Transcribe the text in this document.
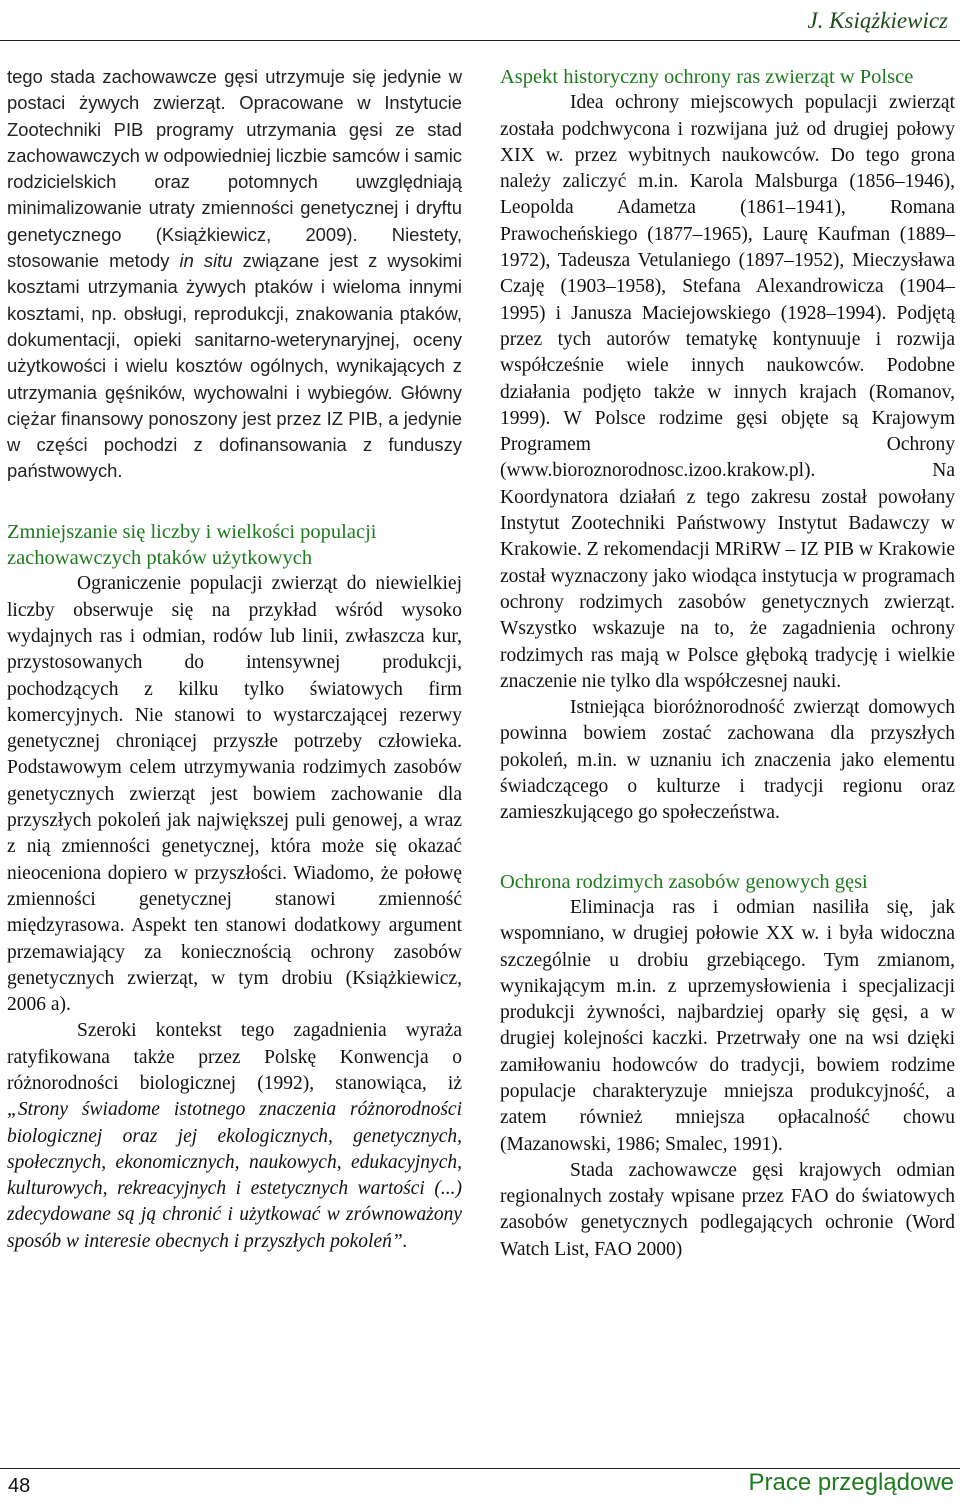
J. Książkiewicz

tego stada zachowawcze gęsi utrzymuje się jedynie w postaci żywych zwierząt. Opracowane w Instytucie Zootechniki PIB programy utrzymania gęsi ze stad zachowawczych w odpowiedniej liczbie samców i samic rodzicielskich oraz potomnych uwzględniają minimalizowanie utraty zmienności genetycznej i dryftu genetycznego (Książkiewicz, 2009). Niestety, stosowanie metody in situ związane jest z wysokimi kosztami utrzymania żywych ptaków i wieloma innymi kosztami, np. obsługi, reprodukcji, znakowania ptaków, dokumentacji, opieki sanitarno-weterynaryjnej, oceny użytkowości i wielu kosztów ogólnych, wynikających z utrzymania gęśników, wychowalni i wybiegów. Główny ciężar finansowy ponoszony jest przez IZ PIB, a jedynie w części pochodzi z dofinansowania z funduszy państwowych.

Zmniejszanie się liczby i wielkości populacji zachowawczych ptaków użytkowych

Ograniczenie populacji zwierząt do niewielkiej liczby obserwuje się na przykład wśród wysoko wydajnych ras i odmian, rodów lub linii, zwłaszcza kur, przystosowanych do intensywnej produkcji, pochodzących z kilku tylko światowych firm komercyjnych. Nie stanowi to wystarczającej rezerwy genetycznej chroniącej przyszłe potrzeby człowieka. Podstawowym celem utrzymywania rodzimych zasobów genetycznych zwierząt jest bowiem zachowanie dla przyszłych pokoleń jak największej puli genowej, a wraz z nią zmienności genetycznej, która może się okazać nieoceniona dopiero w przyszłości. Wiadomo, że połowę zmienności genetycznej stanowi zmienność międzyrasowa. Aspekt ten stanowi dodatkowy argument przemawiający za koniecznością ochrony zasobów genetycznych zwierząt, w tym drobiu (Książkiewicz, 2006 a).

Szeroki kontekst tego zagadnienia wyraża ratyfikowana także przez Polskę Konwencja o różnorodności biologicznej (1992), stanowiąca, iż „Strony świadome istotnego znaczenia różnorodności biologicznej oraz jej ekologicznych, genetycznych, społecznych, ekonomicznych, naukowych, edukacyjnych, kulturowych, rekreacyjnych i estetycznych wartości (...) zdecydowane są ją chronić i użytkować w zrównoważony sposób w interesie obecnych i przyszłych pokoleń”.

Aspekt historyczny ochrony ras zwierząt w Polsce

Idea ochrony miejscowych populacji zwierząt została podchwycona i rozwijana już od drugiej połowy XIX w. przez wybitnych naukowców. Do tego grona należy zaliczyć m.in. Karola Malsburga (1856–1946), Leopolda Adametza (1861–1941), Romana Prawocheńskiego (1877–1965), Laurę Kaufman (1889–1972), Tadeusza Vetulaniego (1897–1952), Mieczysława Czaję (1903–1958), Stefana Alexandrowicza (1904–1995) i Janusza Maciejowskiego (1928–1994). Podjętą przez tych autorów tematykę kontynuuje i rozwija współcześnie wiele innych naukowców. Podobne działania podjęto także w innych krajach (Romanov, 1999). W Polsce rodzime gęsi objęte są Krajowym Programem Ochrony (www.bioroznorodnosc.izoo.krakow.pl). Na Koordynatora działań z tego zakresu został powołany Instytut Zootechniki Państwowy Instytut Badawczy w Krakowie. Z rekomendacji MRiRW – IZ PIB w Krakowie został wyznaczony jako wiodąca instytucja w programach ochrony rodzimych zasobów genetycznych zwierząt. Wszystko wskazuje na to, że zagadnienia ochrony rodzimych ras mają w Polsce głęboką tradycję i wielkie znaczenie nie tylko dla współczesnej nauki.

Istniejąca bioróżnorodność zwierząt domowych powinna bowiem zostać zachowana dla przyszłych pokoleń, m.in. w uznaniu ich znaczenia jako elementu świadczącego o kulturze i tradycji regionu oraz zamieszkującego go społeczeństwa.

Ochrona rodzimych zasobów genowych gęsi

Eliminacja ras i odmian nasiliła się, jak wspomniano, w drugiej połowie XX w. i była widoczna szczególnie u drobiu grzebiącego. Tym zmianom, wynikającym m.in. z uprzemysłowienia i specjalizacji produkcji żywności, najbardziej oparły się gęsi, a w drugiej kolejności kaczki. Przetrwały one na wsi dzięki zamiłowaniu hodowców do tradycji, bowiem rodzime populacje charakteryzuje mniejsza produkcyjność, a zatem również mniejsza opłacalność chowu (Mazanowski, 1986; Smalec, 1991).

Stada zachowawcze gęsi krajowych odmian regionalnych zostały wpisane przez FAO do światowych zasobów genetycznych podlegających ochronie (Word Watch List, FAO 2000)

48	Prace przeglądowe
